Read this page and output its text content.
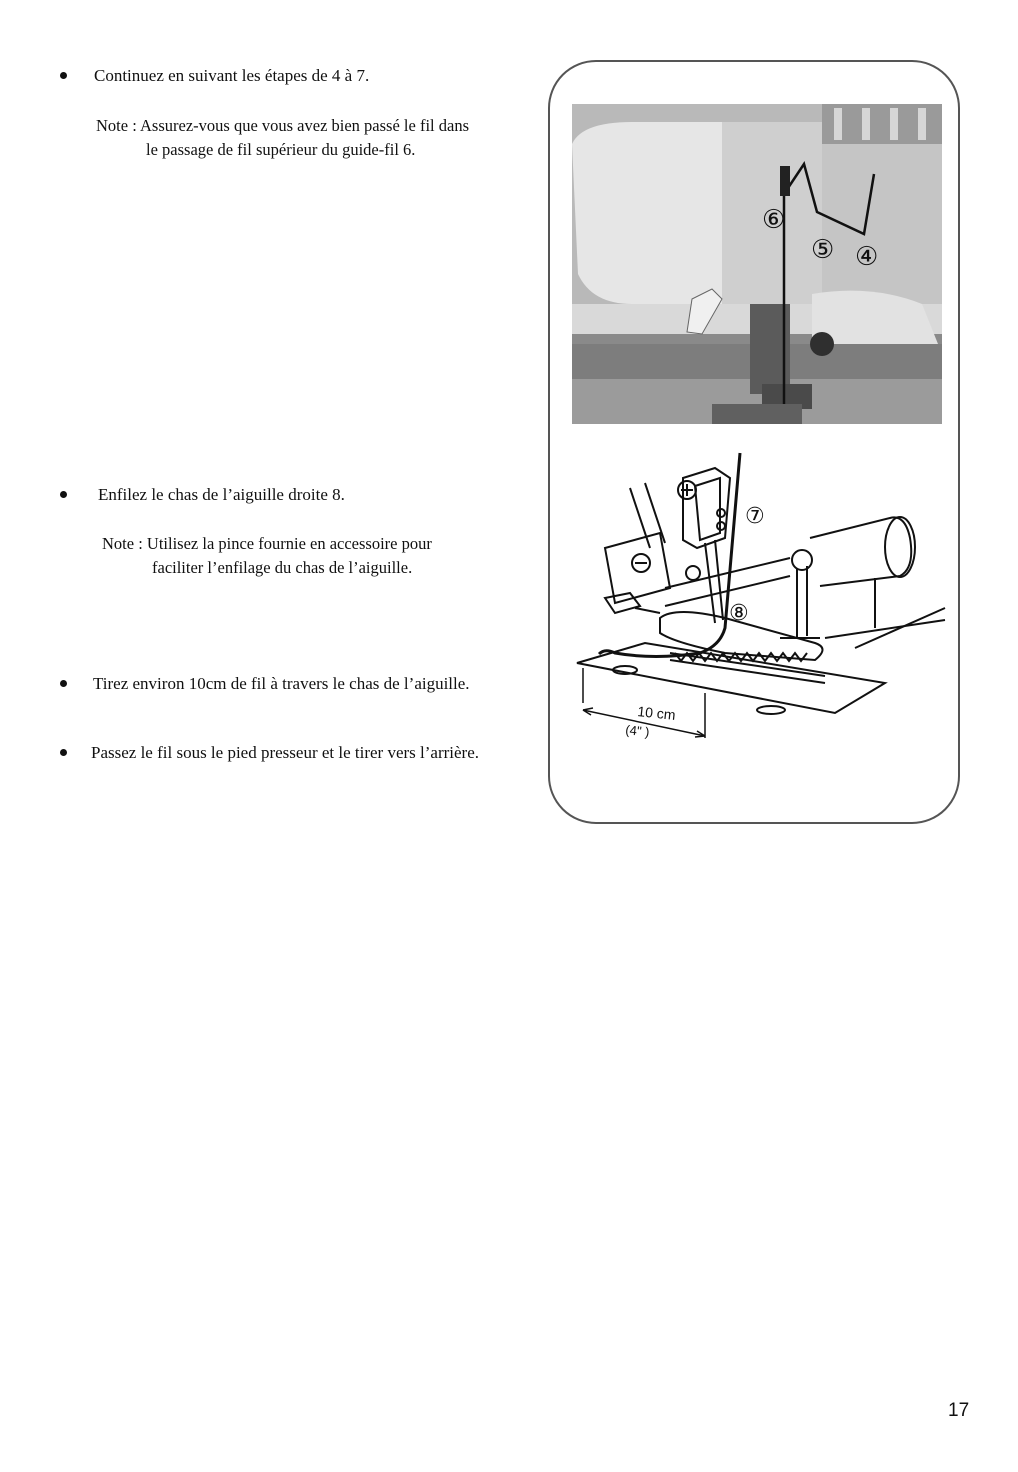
Continuez en suivant les étapes de 4 à 7.
Note : Assurez-vous que vous avez bien passé le fil dans
le passage de fil supérieur du guide-fil 6.
Enfilez le chas de l’aiguille droite 8.
Note : Utilisez la pince fournie en accessoire pour
faciliter l’enfilage du chas de l’aiguille.
Tirez environ 10cm de fil à travers le chas de l’aiguille.
Passez le fil sous le pied presseur et le tirer vers l’arrière.
⑥
⑤ ④
10 cm
(4" )
⑦
⑧
17
